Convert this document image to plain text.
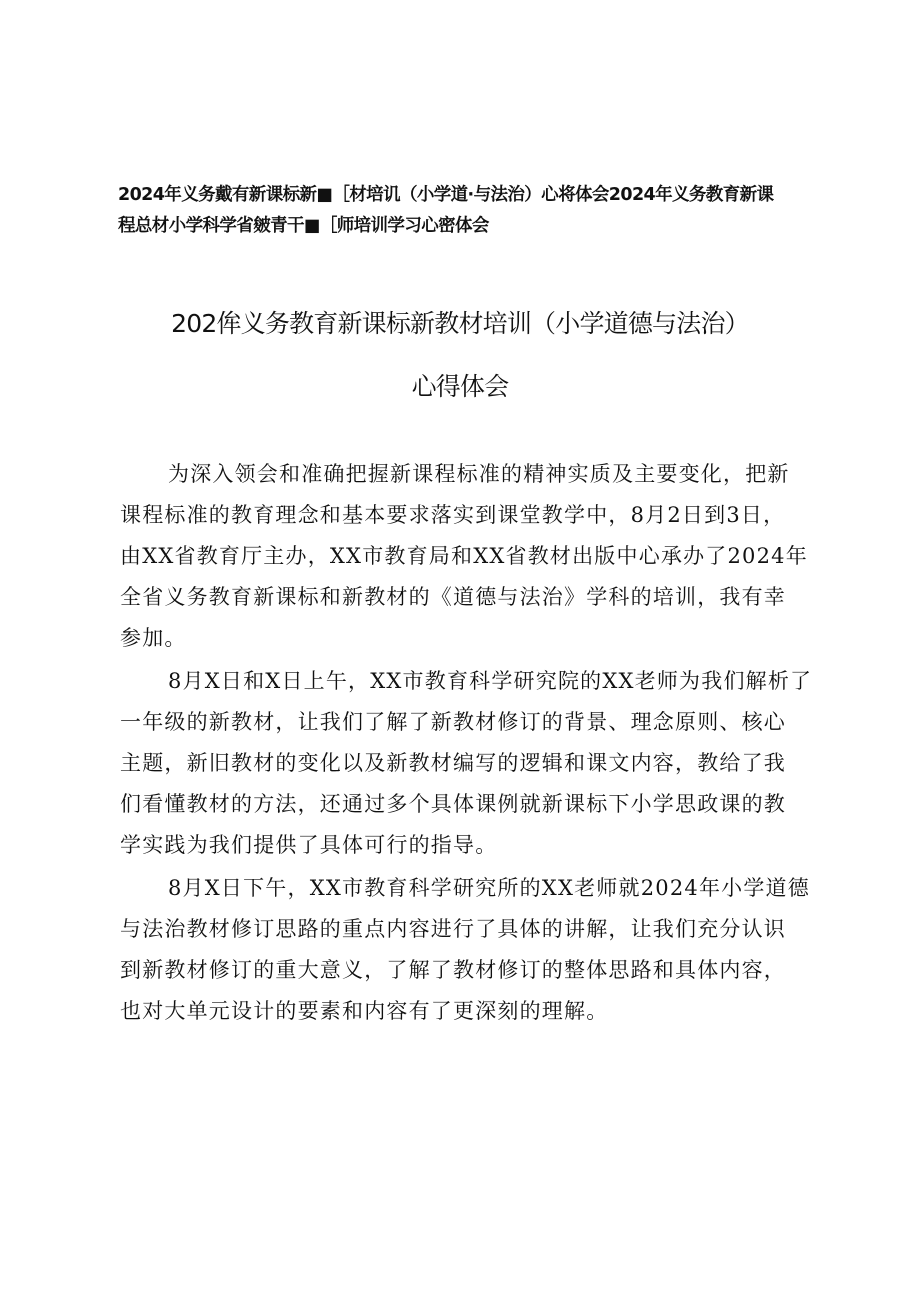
2024年义务戴有新课标新■［材培讥（小学道·与法治）心将体会2024年义务教育新课
程总材小学科学省皴青干■［师培训学习心密体会
202侔义务教育新课标新教材培训（小学道德与法治）
心得体会

为深入领会和准确把握新课程标准的精神实质及主要变化，把新
课程标准的教育理念和基本要求落实到课堂教学中，8月2日到3日，
由XX省教育厅主办，XX市教育局和XX省教材出版中心承办了2024年
全省义务教育新课标和新教材的《道德与法治》学科的培训，我有幸
参加。

8月X日和X日上午，XX市教育科学研究院的XX老师为我们解析了
一年级的新教材，让我们了解了新教材修订的背景、理念原则、核心
主题，新旧教材的变化以及新教材编写的逻辑和课文内容，教给了我
们看懂教材的方法，还通过多个具体课例就新课标下小学思政课的教
学实践为我们提供了具体可行的指导。

8月X日下午，XX市教育科学研究所的XX老师就2024年小学道德
与法治教材修订思路的重点内容进行了具体的讲解，让我们充分认识
到新教材修订的重大意义，了解了教材修订的整体思路和具体内容，
也对大单元设计的要素和内容有了更深刻的理解。
